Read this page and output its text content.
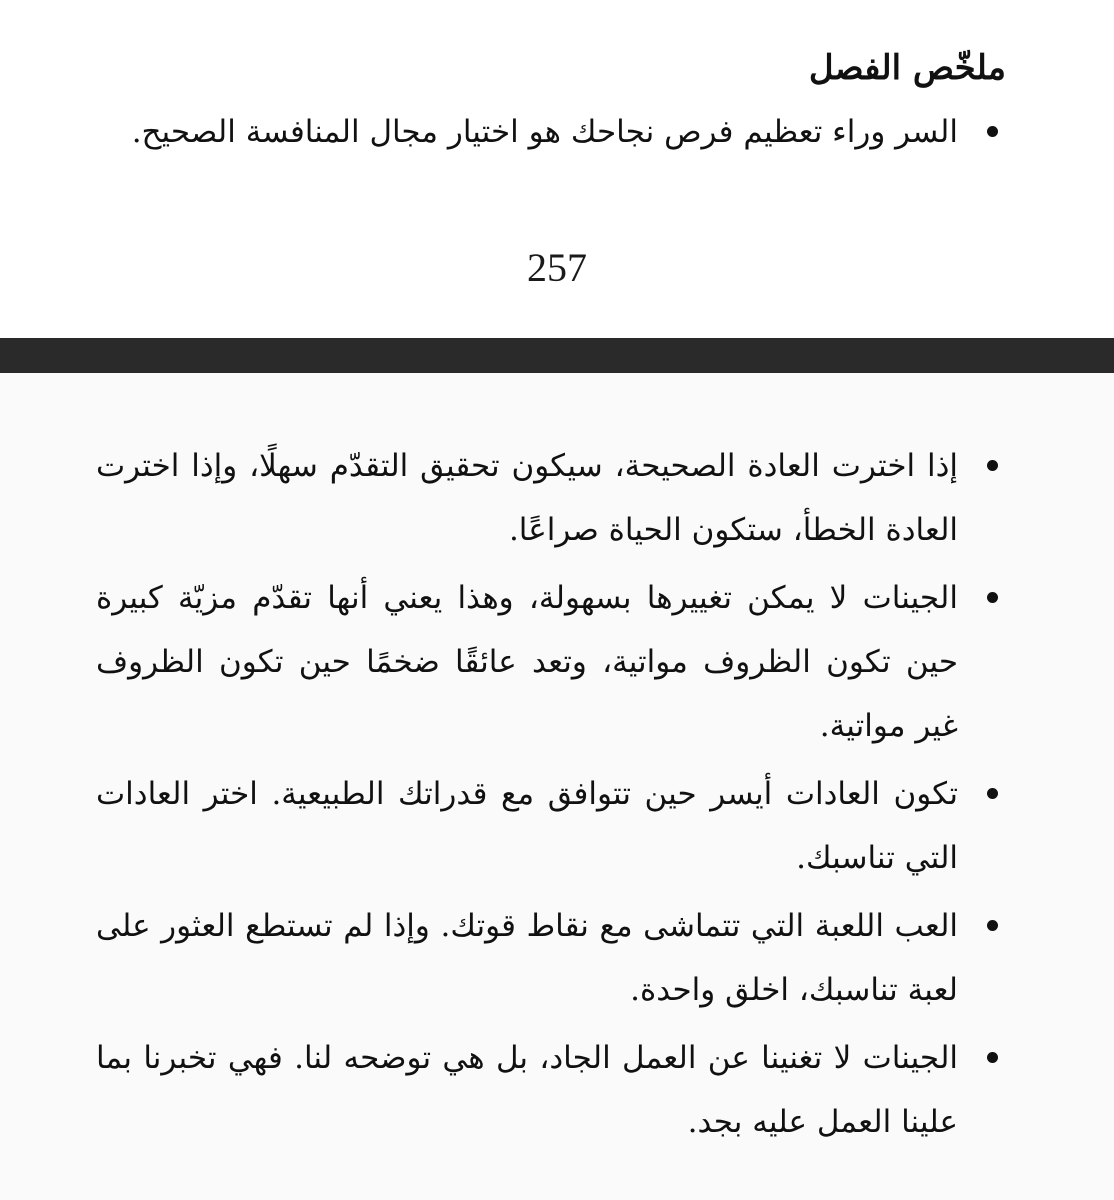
ملخّص الفصل
السر وراء تعظيم فرص نجاحك هو اختيار مجال المنافسة الصحيح.
257
إذا اخترت العادة الصحيحة، سيكون تحقيق التقدّم سهلًا، وإذا اخترت العادة الخطأ، ستكون الحياة صراعًا.
الجينات لا يمكن تغييرها بسهولة، وهذا يعني أنها تقدّم مزيّة كبيرة حين تكون الظروف مواتية، وتعد عائقًا ضخمًا حين تكون الظروف غير مواتية.
تكون العادات أيسر حين تتوافق مع قدراتك الطبيعية. اختر العادات التي تناسبك.
العب اللعبة التي تتماشى مع نقاط قوتك. وإذا لم تستطع العثور على لعبة تناسبك، اخلق واحدة.
الجينات لا تغنينا عن العمل الجاد، بل هي توضحه لنا. فهي تخبرنا بما علينا العمل عليه بجد.
